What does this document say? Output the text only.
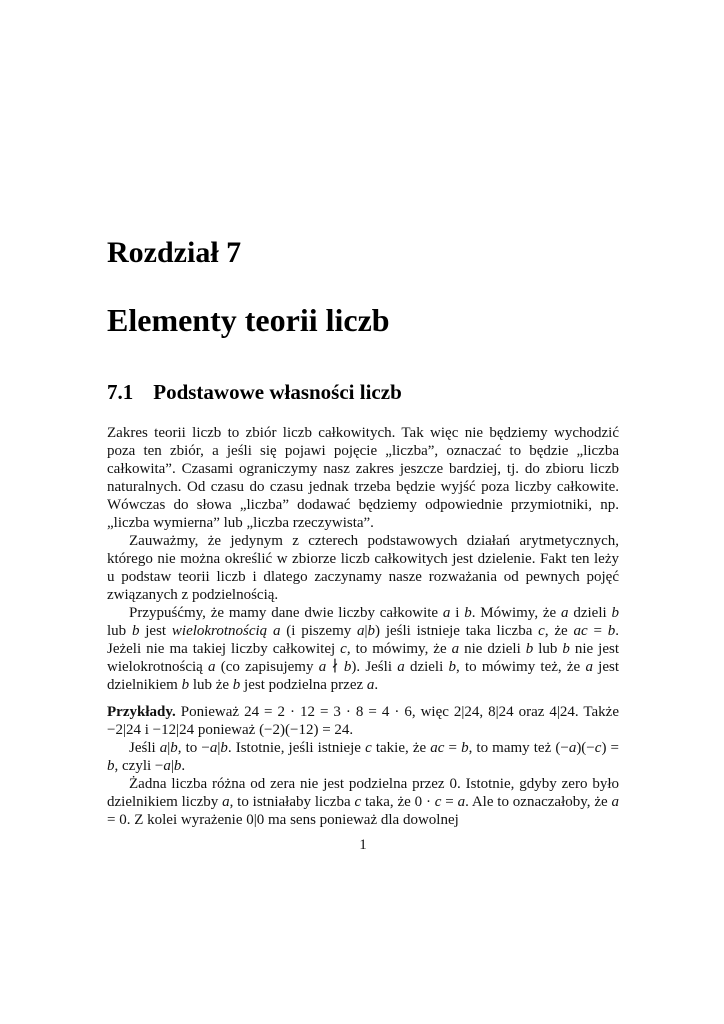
Rozdział 7
Elementy teorii liczb
7.1 Podstawowe własności liczb

Zakres teorii liczb to zbiór liczb całkowitych. Tak więc nie będziemy wychodzić poza ten zbiór, a jeśli się pojawi pojęcie „liczba”, oznaczać to będzie „liczba całkowita”. Czasami ograniczymy nasz zakres jeszcze bardziej, tj. do zbioru liczb naturalnych. Od czasu do czasu jednak trzeba będzie wyjść poza liczby całkowite. Wówczas do słowa „liczba” dodawać będziemy odpowiednie przymiotniki, np. „liczba wymierna” lub „liczba rzeczywista”.

Zauważmy, że jedynym z czterech podstawowych działań arytmetycznych, którego nie można określić w zbiorze liczb całkowitych jest dzielenie. Fakt ten leży u podstaw teorii liczb i dlatego zaczynamy nasze rozważania od pewnych pojęć związanych z podzielnością.

Przypuśćmy, że mamy dane dwie liczby całkowite a i b. Mówimy, że a dzieli b lub b jest wielokrotnością a (i piszemy a|b) jeśli istnieje taka liczba c, że ac = b. Jeżeli nie ma takiej liczby całkowitej c, to mówimy, że a nie dzieli b lub b nie jest wielokrotnością a (co zapisujemy a ∤ b). Jeśli a dzieli b, to mówimy też, że a jest dzielnikiem b lub że b jest podzielna przez a.

Przykłady. Ponieważ 24 = 2 · 12 = 3 · 8 = 4 · 6, więc 2|24, 8|24 oraz 4|24. Także −2|24 i −12|24 ponieważ (−2)(−12) = 24.

Jeśli a|b, to −a|b. Istotnie, jeśli istnieje c takie, że ac = b, to mamy też (−a)(−c) = b, czyli −a|b.

Żadna liczba różna od zera nie jest podzielna przez 0. Istotnie, gdyby zero było dzielnikiem liczby a, to istniałaby liczba c taka, że 0 · c = a. Ale to oznaczałoby, że a = 0. Z kolei wyrażenie 0|0 ma sens ponieważ dla dowolnej

1
